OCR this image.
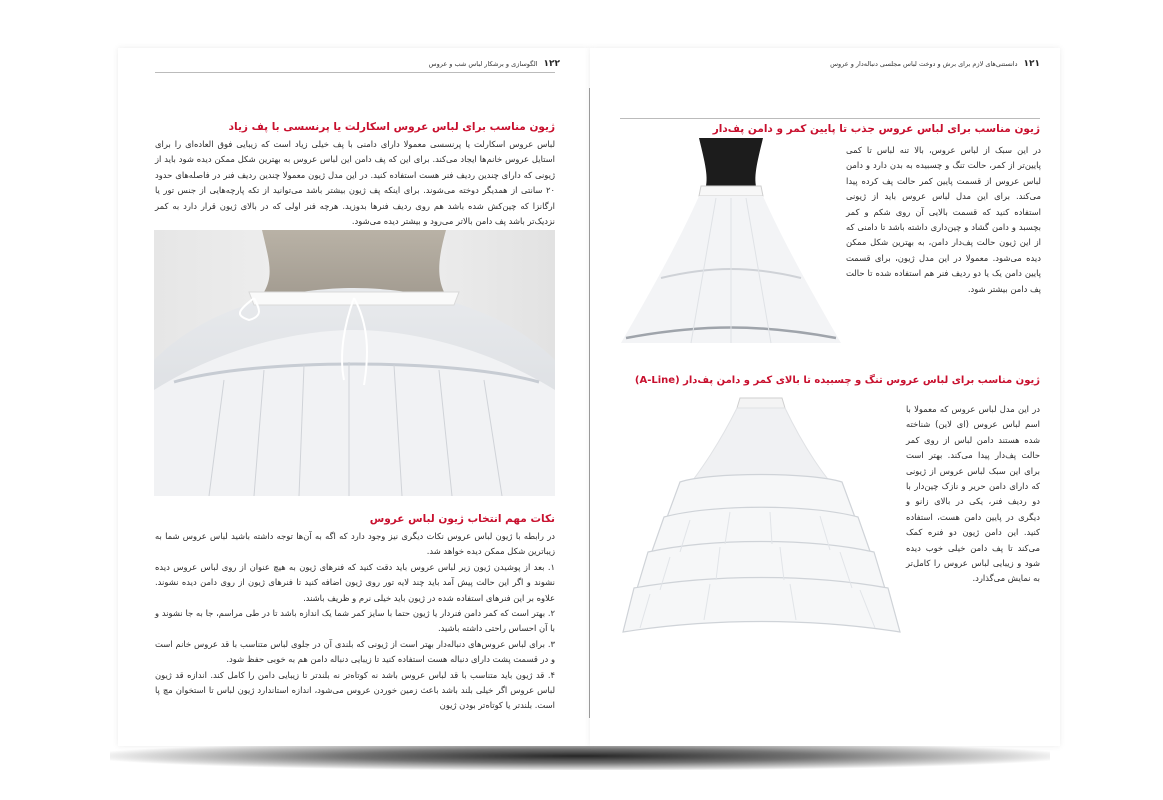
۱۲۲
الگوسازی و برشکار لباس شب و عروس
ژیون مناسب برای لباس عروس اسکارلت یا پرنسسی با پف زیاد

لباس عروس اسکارلت یا پرنسسی معمولا دارای دامنی با پف خیلی زیاد است که زیبایی فوق العاده‌ای را برای استایل عروس خانم‌ها ایجاد می‌کند. برای این که پف دامن این لباس عروس به بهترین شکل ممکن دیده شود باید از ژیونی که دارای چندین ردیف فنر هست استفاده کنید. در این مدل ژیون معمولا چندین ردیف فنر در فاصله‌های حدود ۲۰ سانتی از همدیگر دوخته می‌شوند. برای اینکه پف ژیون بیشتر باشد می‌توانید از تکه پارچه‌هایی از جنس تور یا ارگانزا که چین‌کش شده باشد هم روی ردیف فنرها بدوزید. هرچه فنر اولی که در بالای ژیون قرار دارد به کمر نزدیک‌تر باشد پف دامن بالاتر می‌رود و بیشتر دیده می‌شود.

نکات مهم انتخاب ژیون لباس عروس

در رابطه با ژیون لباس عروس نکات دیگری نیز وجود دارد که اگه به آن‌ها توجه داشته باشید لباس عروس شما به زیباترین شکل ممکن دیده خواهد شد.

۱. بعد از پوشیدن ژیون زیر لباس عروس باید دقت کنید که فنرهای ژیون به هیچ عنوان از روی لباس عروس دیده نشوند و اگر این حالت پیش آمد باید چند لایه تور روی ژیون اضافه کنید تا فنرهای ژیون از روی دامن دیده نشوند. علاوه بر این فنرهای استفاده شده در ژیون باید خیلی نرم و ظریف باشند.

۲. بهتر است که کمر دامن فنردار یا ژیون حتما با سایز کمر شما یک اندازه باشد تا در طی مراسم، جا به جا نشوند و با آن احساس راحتی داشته باشید.

۳. برای لباس عروس‌های دنباله‌دار بهتر است از ژیونی که بلندی آن در جلوی لباس متناسب با قد عروس خانم است و در قسمت پشت دارای دنباله هست استفاده کنید تا زیبایی دنباله دامن هم به خوبی حفظ شود.

۴. قد ژیون باید متناسب با قد لباس عروس باشد نه کوتاه‌تر نه بلندتر تا زیبایی دامن را کامل کند. اندازه قد ژیون لباس عروس اگر خیلی بلند باشد باعث زمین خوردن عروس می‌شود، اندازه استاندارد ژیون لباس تا استخوان مچ پا است. بلندتر یا کوتاه‌تر بودن ژیون

۱۲۱
دانستنی‌های لازم برای برش و دوخت لباس مجلسی دنباله‌دار و عروس
ژیون مناسب برای لباس عروس جذب تا پایین کمر و دامن پف‌دار

در این سبک از لباس عروس، بالا تنه لباس تا کمی پایین‌تر از کمر، حالت تنگ و چسبیده به بدن دارد و دامن لباس عروس از قسمت پایین کمر حالت پف کرده پیدا می‌کند. برای این مدل لباس عروس باید از ژیونی استفاده کنید که قسمت بالایی آن روی شکم و کمر بچسبد و دامن گشاد و چین‌داری داشته باشد تا دامنی که از این ژیون حالت پف‌دار دامن، به بهترین شکل ممکن دیده می‌شود. معمولا در این مدل ژیون، برای قسمت پایین دامن یک یا دو ردیف فنر هم استفاده شده تا حالت پف دامن بیشتر شود.

ژیون مناسب برای لباس عروس تنگ و چسبیده تا بالای کمر و دامن پف‌دار (A-Line)

در این مدل لباس عروس که معمولا با اسم لباس عروس (ای لاین) شناخته شده هستند دامن لباس از روی کمر حالت پف‌دار پیدا می‌کند. بهتر است برای این سبک لباس عروس از ژیونی که دارای دامن حریر و نازک چین‌دار با دو ردیف فنر، یکی در بالای زانو و دیگری در پایین دامن هست، استفاده کنید. این دامن ژیون دو فنره کمک می‌کند تا پف دامن خیلی خوب دیده شود و زیبایی لباس عروس را کامل‌تر به نمایش می‌گذارد.
